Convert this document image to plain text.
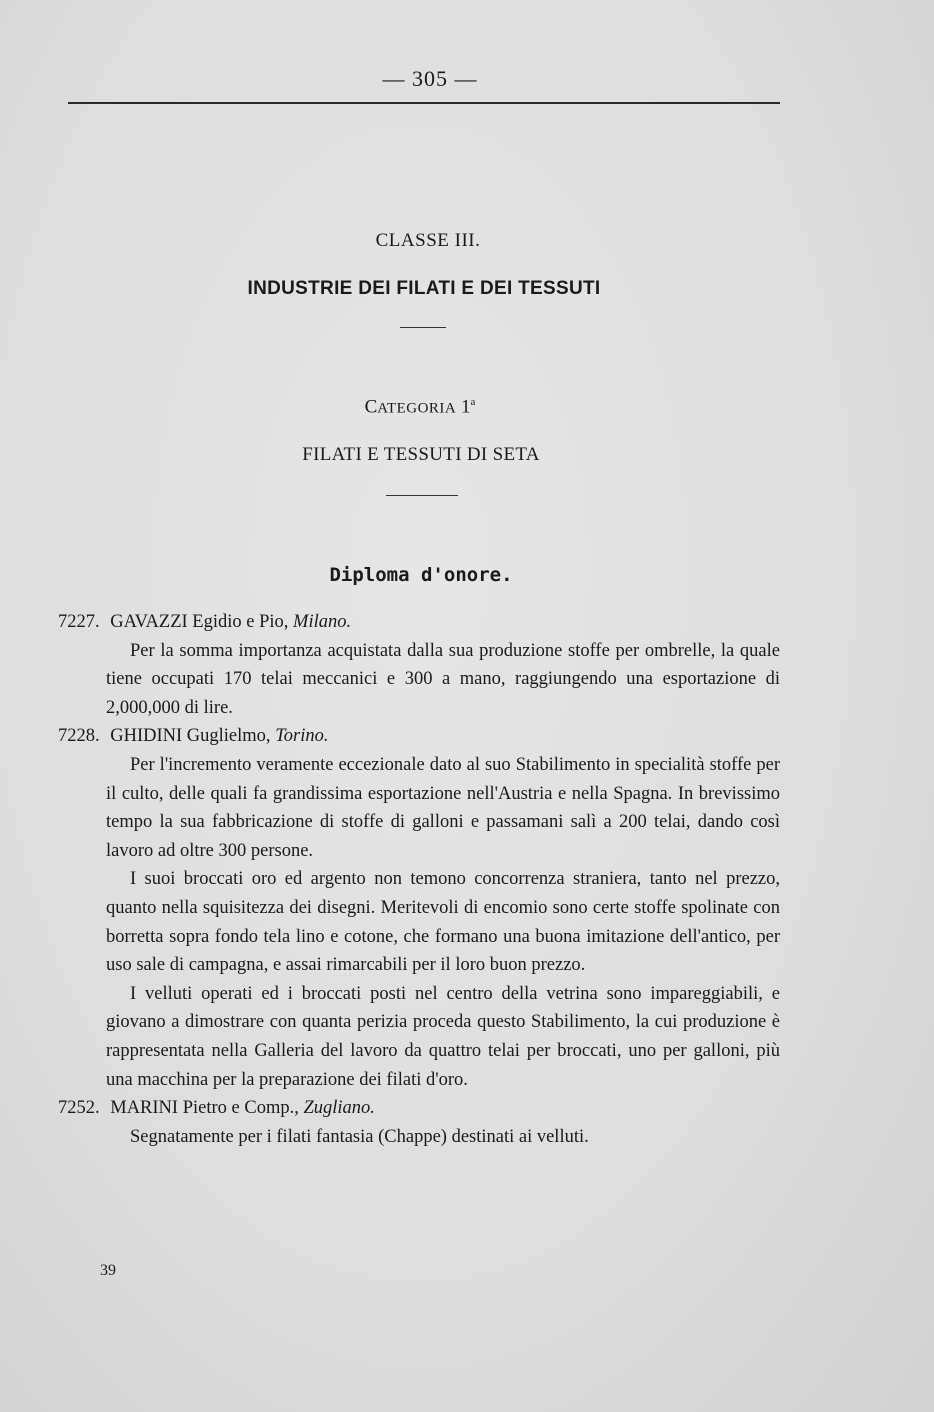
— 305 —
CLASSE III.
INDUSTRIE DEI FILATI E DEI TESSUTI
CATEGORIA 1$^a$
FILATI E TESSUTI DI SETA
Diploma d'onore.

7227. GAVAZZI Egidio e Pio, Milano.

Per la somma importanza acquistata dalla sua produzione stoffe per ombrelle, la quale tiene occupati 170 telai meccanici e 300 a mano, raggiungendo una esportazione di 2,000,000 di lire.

7228. GHIDINI Guglielmo, Torino.

Per l'incremento veramente eccezionale dato al suo Stabilimento in specialità stoffe per il culto, delle quali fa grandissima esportazione nell'Austria e nella Spagna. In brevissimo tempo la sua fabbricazione di stoffe di galloni e passamani salì a 200 telai, dando così lavoro ad oltre 300 persone.

I suoi broccati oro ed argento non temono concorrenza straniera, tanto nel prezzo, quanto nella squisitezza dei disegni. Meritevoli di encomio sono certe stoffe spolinate con borretta sopra fondo tela lino e cotone, che formano una buona imitazione dell'antico, per uso sale di campagna, e assai rimarcabili per il loro buon prezzo.

I velluti operati ed i broccati posti nel centro della vetrina sono impareggiabili, e giovano a dimostrare con quanta perizia proceda questo Stabilimento, la cui produzione è rappresentata nella Galleria del lavoro da quattro telai per broccati, uno per galloni, più una macchina per la preparazione dei filati d'oro.

7252. MARINI Pietro e Comp., Zugliano.

Segnatamente per i filati fantasia (Chappe) destinati ai velluti.

39
